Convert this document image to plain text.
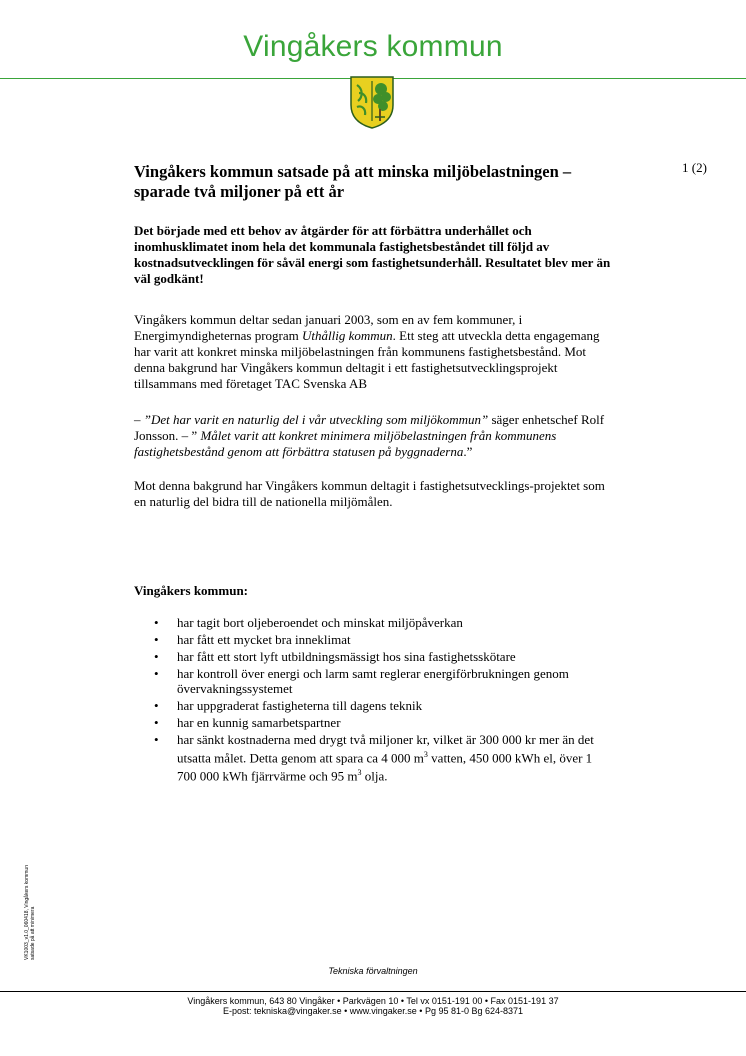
Vingåkers kommun
1 (2)
Vingåkers kommun satsade på att minska miljöbelastningen – sparade två miljoner på ett år

Det började med ett behov av åtgärder för att förbättra underhållet och inomhusklimatet inom hela det kommunala fastighetsbeståndet till följd av kostnadsutvecklingen för såväl energi som fastighetsunderhåll. Resultatet blev mer än väl godkänt!

Vingåkers kommun deltar sedan januari 2003, som en av fem kommuner, i Energimyndigheternas program Uthållig kommun. Ett steg att utveckla detta engagemang har varit att konkret minska miljöbelastningen från kommunens fastighetsbestånd. Mot denna bakgrund har Vingåkers kommun deltagit i ett fastighetsutvecklingsprojekt tillsammans med företaget TAC Svenska AB

– ”Det har varit en naturlig del i vår utveckling som miljökommun” säger enhetschef Rolf Jonsson. – ” Målet varit att konkret minimera miljöbelastningen från kommunens fastighetsbestånd genom att förbättra statusen på byggnaderna.”

Mot denna bakgrund har Vingåkers kommun deltagit i fastighetsutvecklings-projektet som en naturlig del bidra till de nationella miljömålen.

Vingåkers kommun:

• har tagit bort oljeberoendet och minskat miljöpåverkan
• har fått ett mycket bra inneklimat
• har fått ett stort lyft utbildningsmässigt hos sina fastighetsskötare
• har kontroll över energi och larm samt reglerar energiförbrukningen genom övervakningssystemet
• har uppgraderat fastigheterna till dagens teknik
• har en kunnig samarbetspartner
• har sänkt kostnaderna med drygt två miljoner kr, vilket är 300 000 kr mer än det utsatta målet. Detta genom att spara ca 4 000 $m^3$ vatten, 450 000 kWh el, över 1 700 000 kWh fjärrvärme och 95 $m^3$ olja.
VK1003_v1.0_060418, Vingåkers kommun satsade på att minimera
Tekniska förvaltningen
Vingåkers kommun, 643 80 Vingåker • Parkvägen 10 • Tel vx 0151-191 00 • Fax 0151-191 37
E-post: tekniska@vingaker.se • www.vingaker.se • Pg 95 81-0 Bg 624-8371
